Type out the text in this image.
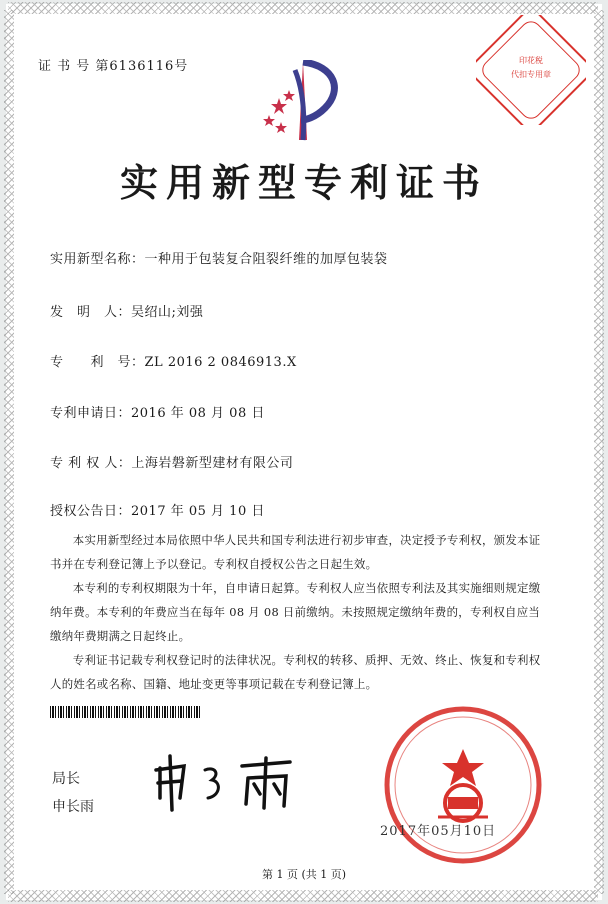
证 书 号 第6136116号	印花税
代扣专用章
实用新型专利证书
实用新型名称：一种用于包装复合阻裂纤维的加厚包装袋
发　明　人：吴绍山;刘强
专　　利　号：ZL 2016 2 0846913.X
专利申请日：2016 年 08 月 08 日
专 利 权 人：上海岩磐新型建材有限公司
授权公告日：2017 年 05 月 10 日

本实用新型经过本局依照中华人民共和国专利法进行初步审查，决定授予专利权，颁发本证书并在专利登记簿上予以登记。专利权自授权公告之日起生效。

本专利的专利权期限为十年，自申请日起算。专利权人应当依照专利法及其实施细则规定缴纳年费。本专利的年费应当在每年 08 月 08 日前缴纳。未按照规定缴纳年费的，专利权自应当缴纳年费期满之日起终止。

专利证书记载专利权登记时的法律状况。专利权的转移、质押、无效、终止、恢复和专利权人的姓名或名称、国籍、地址变更等事项记载在专利登记簿上。

局长
申长雨
2017年05月10日
第 1 页 (共 1 页)
